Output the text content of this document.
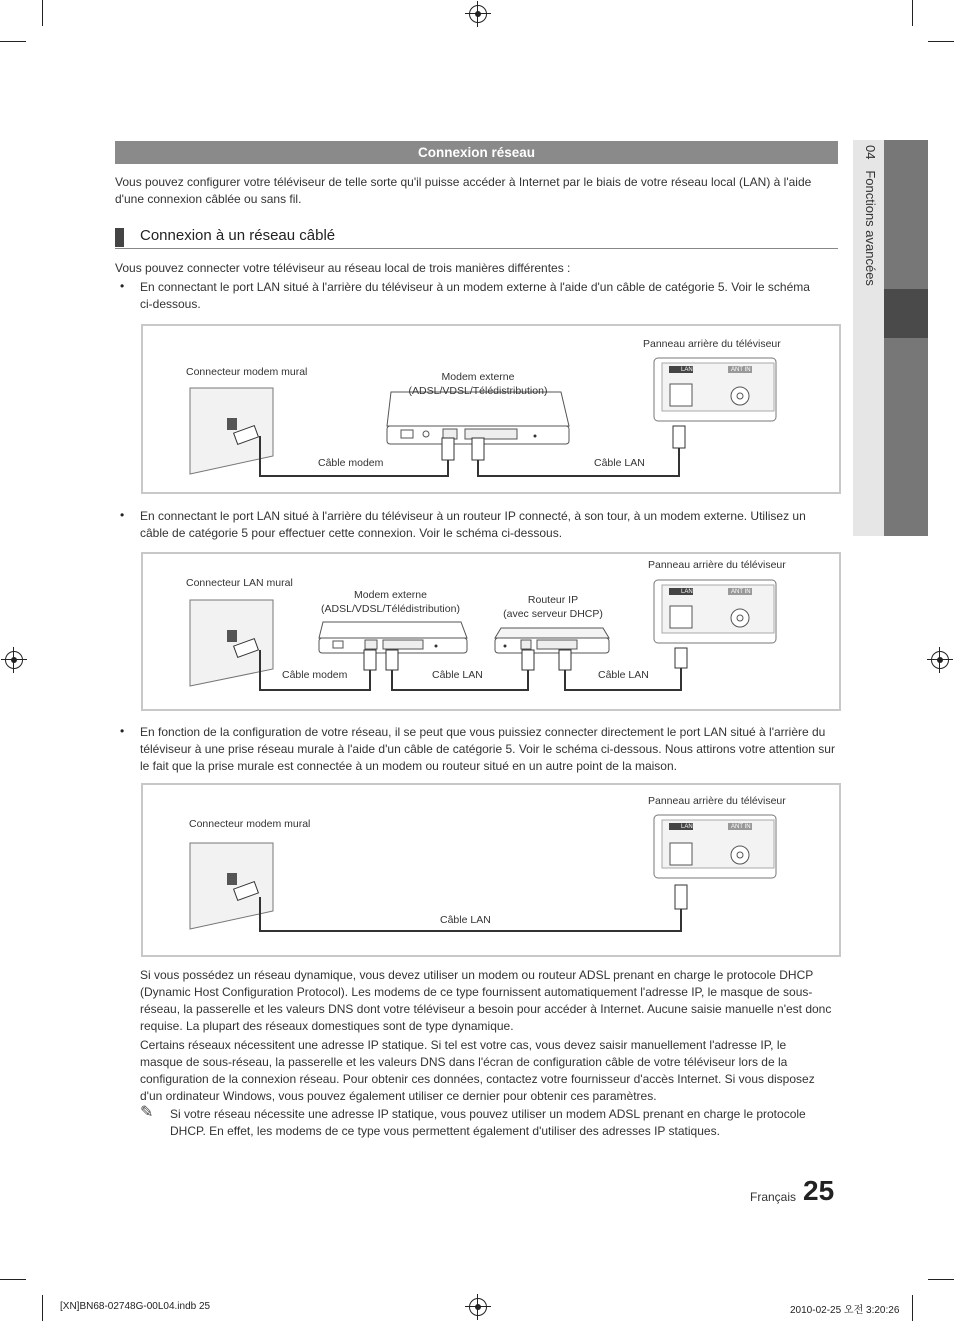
04   Fonctions avancées
Connexion réseau
Vous pouvez configurer votre téléviseur de telle sorte qu'il puisse accéder à Internet par le biais de votre réseau local (LAN) à l'aide d'une connexion câblée ou sans fil.
Connexion à un réseau câblé
Vous pouvez connecter votre téléviseur au réseau local de trois manières différentes :
• En connectant le port LAN situé à l'arrière du téléviseur à un modem externe à l'aide d'un câble de catégorie 5. Voir le schéma ci-dessous.
Connecteur modem mural	Modem externe
(ADSL/VDSL/Télédistribution)
Panneau arrière du téléviseur
LAN	ANT IN
Câble modem	Câble LAN
• En connectant le port LAN situé à l'arrière du téléviseur à un routeur IP connecté, à son tour, à un modem externe. Utilisez un câble de catégorie 5 pour effectuer cette connexion. Voir le schéma ci-dessous.
Connecteur LAN mural
Modem externe
(ADSL/VDSL/Télédistribution)
Routeur IP
(avec serveur DHCP)
Panneau arrière du téléviseur
LAN	ANT IN
Câble modem	Câble LAN	Câble LAN
• En fonction de la configuration de votre réseau, il se peut que vous puissiez connecter directement le port LAN situé à l'arrière du téléviseur à une prise réseau murale à l'aide d'un câble de catégorie 5. Voir le schéma ci-dessous. Nous attirons votre attention sur le fait que la prise murale est connectée à un modem ou routeur situé en un autre point de la maison.
Connecteur modem mural
Panneau arrière du téléviseur
LAN	ANT IN
Câble LAN
Si vous possédez un réseau dynamique, vous devez utiliser un modem ou routeur ADSL prenant en charge le protocole DHCP (Dynamic Host Configuration Protocol). Les modems de ce type fournissent automatiquement l'adresse IP, le masque de sous-réseau, la passerelle et les valeurs DNS dont votre téléviseur a besoin pour accéder à Internet. Aucune saisie manuelle n'est donc requise. La plupart des réseaux domestiques sont de type dynamique.
Certains réseaux nécessitent une adresse IP statique. Si tel est votre cas, vous devez saisir manuellement l'adresse IP, le masque de sous-réseau, la passerelle et les valeurs DNS dans l'écran de configuration câble de votre téléviseur lors de la configuration de la connexion réseau. Pour obtenir ces données, contactez votre fournisseur d'accès Internet. Si vous disposez d'un ordinateur Windows, vous pouvez également utiliser ce dernier pour obtenir ces paramètres.
✎ Si votre réseau nécessite une adresse IP statique, vous pouvez utiliser un modem ADSL prenant en charge le protocole DHCP. En effet, les modems de ce type vous permettent également d'utiliser des adresses IP statiques.
Français 25
[XN]BN68-02748G-00L04.indb 25	2010-02-25 오전 3:20:26
